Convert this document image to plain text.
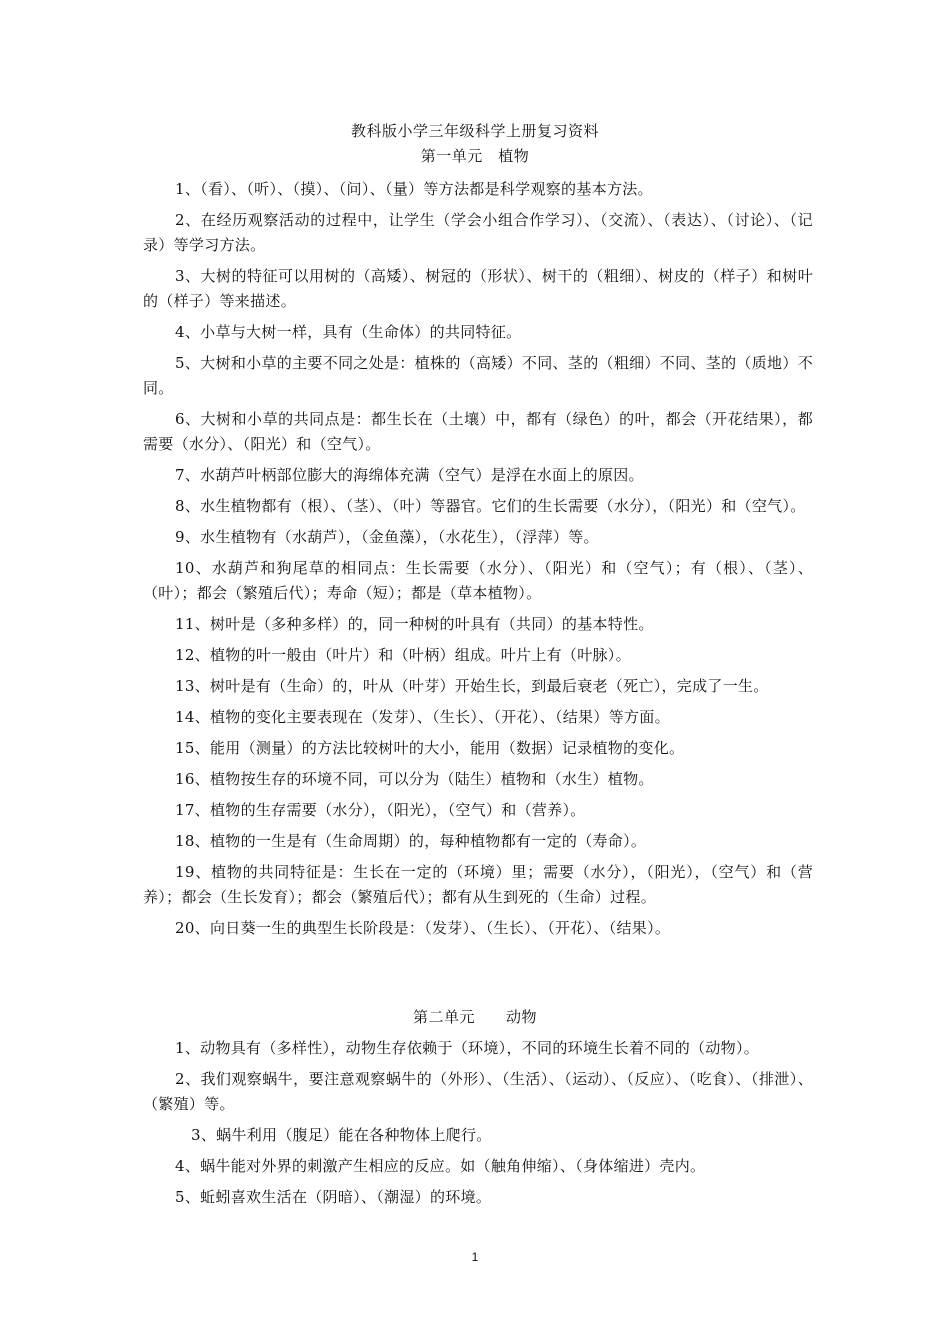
教科版小学三年级科学上册复习资料
第一单元　植物

1、（看）、（听）、（摸）、（问）、（量）等方法都是科学观察的基本方法。

2、在经历观察活动的过程中，让学生（学会小组合作学习）、（交流）、（表达）、（讨论）、（记录）等学习方法。

3、大树的特征可以用树的（高矮）、树冠的（形状）、树干的（粗细）、树皮的（样子）和树叶的（样子）等来描述。

4、小草与大树一样，具有（生命体）的共同特征。

5、大树和小草的主要不同之处是：植株的（高矮）不同、茎的（粗细）不同、茎的（质地）不同。

6、大树和小草的共同点是：都生长在（土壤）中，都有（绿色）的叶，都会（开花结果），都需要（水分）、（阳光）和（空气）。

7、水葫芦叶柄部位膨大的海绵体充满（空气）是浮在水面上的原因。

8、水生植物都有（根）、（茎）、（叶）等器官。它们的生长需要（水分），（阳光）和（空气）。

9、水生植物有（水葫芦），（金鱼藻），（水花生），（浮萍）等。

10、水葫芦和狗尾草的相同点：生长需要（水分）、（阳光）和（空气）；有（根）、（茎）、（叶）；都会（繁殖后代）；寿命（短）；都是（草本植物）。

11、树叶是（多种多样）的，同一种树的叶具有（共同）的基本特性。

12、植物的叶一般由（叶片）和（叶柄）组成。叶片上有（叶脉）。

13、树叶是有（生命）的，叶从（叶芽）开始生长，到最后衰老（死亡），完成了一生。

14、植物的变化主要表现在（发芽）、（生长）、（开花）、（结果）等方面。

15、能用（测量）的方法比较树叶的大小，能用（数据）记录植物的变化。

16、植物按生存的环境不同，可以分为（陆生）植物和（水生）植物。

17、植物的生存需要（水分），（阳光），（空气）和（营养）。

18、植物的一生是有（生命周期）的，每种植物都有一定的（寿命）。

19、植物的共同特征是：生长在一定的（环境）里；需要（水分），（阳光），（空气）和（营养）；都会（生长发育）；都会（繁殖后代）；都有从生到死的（生命）过程。

20、向日葵一生的典型生长阶段是：（发芽）、（生长）、（开花）、（结果）。

第二单元　　动物

1、动物具有（多样性），动物生存依赖于（环境），不同的环境生长着不同的（动物）。

2、我们观察蜗牛，要注意观察蜗牛的（外形）、（生活）、（运动）、（反应）、（吃食）、（排泄）、（繁殖）等。

3、蜗牛利用（腹足）能在各种物体上爬行。

4、蜗牛能对外界的刺激产生相应的反应。如（触角伸缩）、（身体缩进）壳内。

5、蚯蚓喜欢生活在（阴暗）、（潮湿）的环境。

1
